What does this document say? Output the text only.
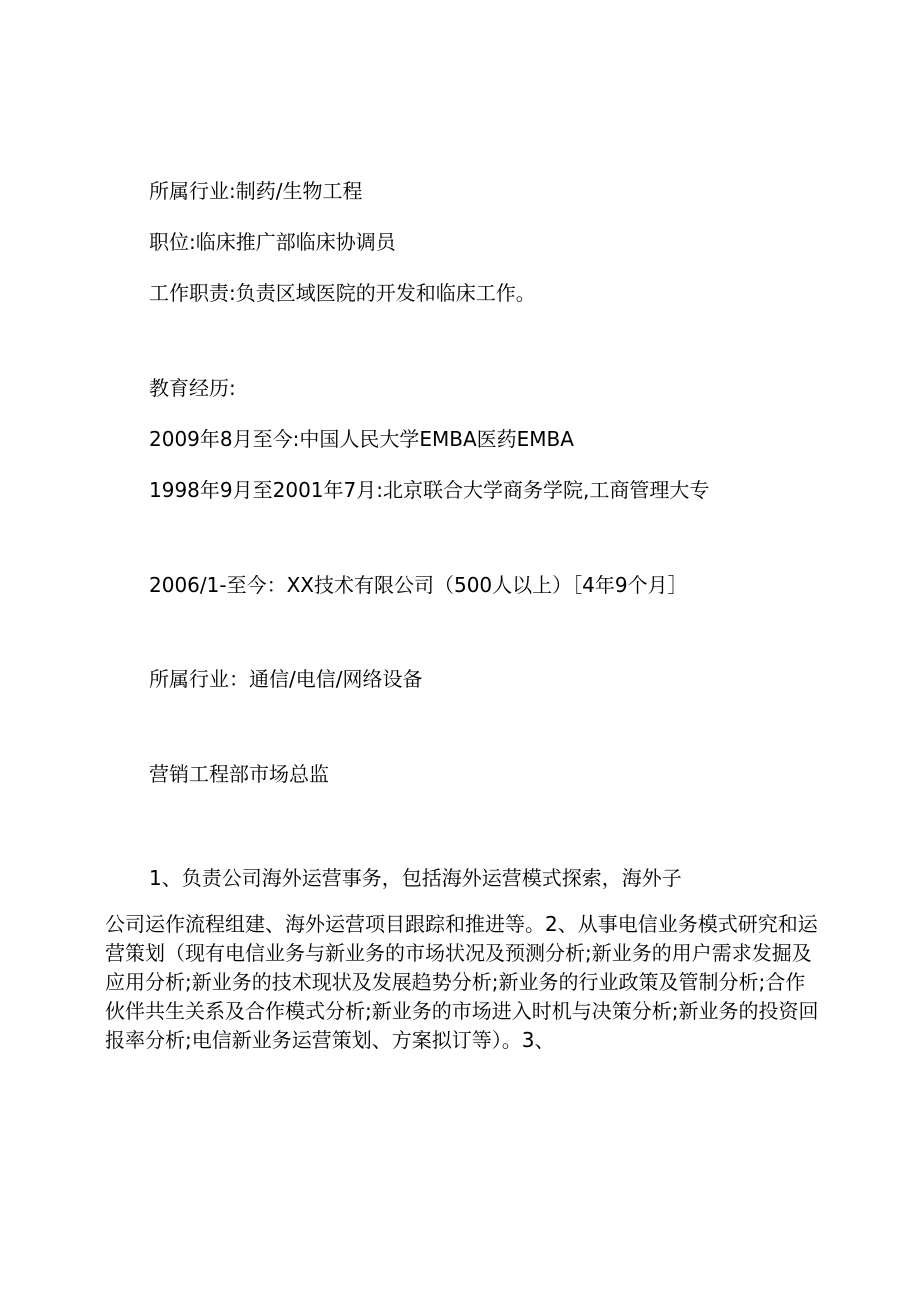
所属行业:制药/生物工程
职位:临床推广部临床协调员
工作职责:负责区域医院的开发和临床工作。
教育经历:
2009年8月至今:中国人民大学EMBA医药EMBA
1998年9月至2001年7月:北京联合大学商务学院,工商管理大专
2006/1-至今：XX技术有限公司（500人以上）［4年9个月］
所属行业：通信/电信/网络设备
营销工程部市场总监
1、负责公司海外运营事务，包括海外运营模式探索，海外子
公司运作流程组建、海外运营项目跟踪和推进等。2、从事电信业务模式研究和运营策划（现有电信业务与新业务的市场状况及预测分析;新业务的用户需求发掘及应用分析;新业务的技术现状及发展趋势分析;新业务的行业政策及管制分析;合作伙伴共生关系及合作模式分析;新业务的市场进入时机与决策分析;新业务的投资回报率分析;电信新业务运营策划、方案拟订等）。3、
